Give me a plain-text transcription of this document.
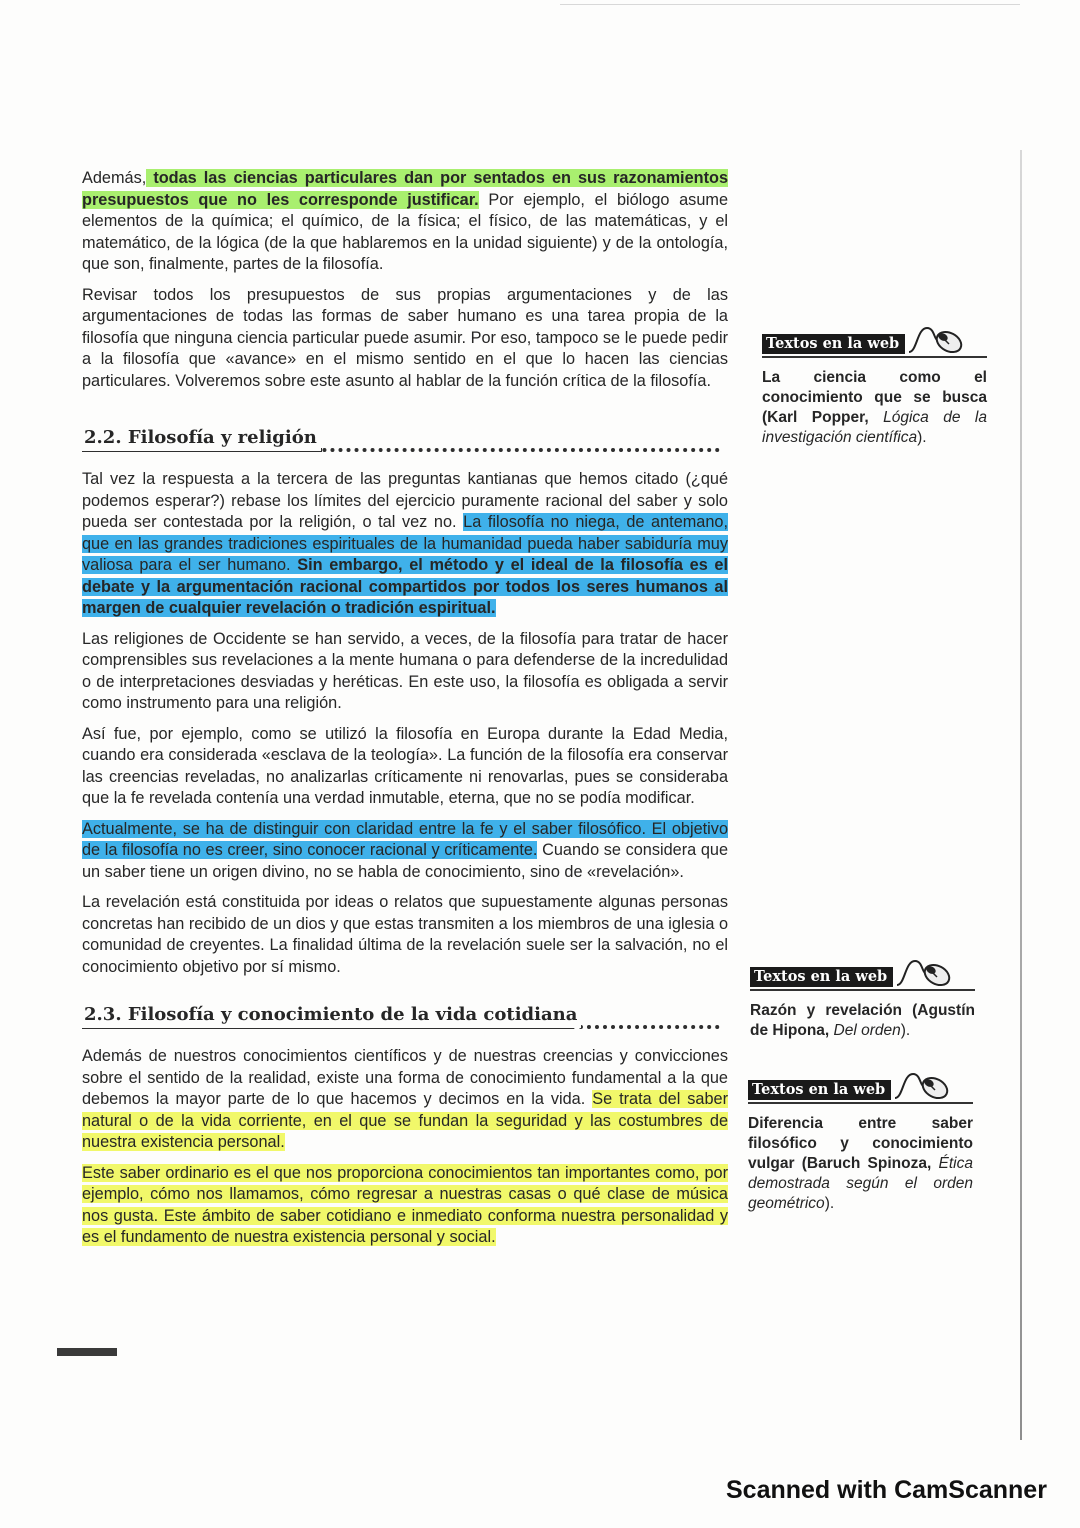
Además, todas las ciencias particulares dan por sentados en sus razonamientos presupuestos que no les corresponde justificar. Por ejemplo, el biólogo asume elementos de la química; el químico, de la física; el físico, de las matemáticas, y el matemático, de la lógica (de la que hablaremos en la unidad siguiente) y de la ontología, que son, finalmente, partes de la filosofía.

Revisar todos los presupuestos de sus propias argumentaciones y de las argumentaciones de todas las formas de saber humano es una tarea propia de la filosofía que ninguna ciencia particular puede asumir. Por eso, tampoco se le puede pedir a la filosofía que «avance» en el mismo sentido en el que lo hacen las ciencias particulares. Volveremos sobre este asunto al hablar de la función crítica de la filosofía.

2.2. Filosofía y religión

Tal vez la respuesta a la tercera de las preguntas kantianas que hemos citado (¿qué podemos esperar?) rebase los límites del ejercicio puramente racional del saber y solo pueda ser contestada por la religión, o tal vez no. La filosofía no niega, de antemano, que en las grandes tradiciones espirituales de la humanidad pueda haber sabiduría muy valiosa para el ser humano. Sin embargo, el método y el ideal de la filosofía es el debate y la argumentación racional compartidos por todos los seres humanos al margen de cualquier revelación o tradición espiritual.

Las religiones de Occidente se han servido, a veces, de la filosofía para tratar de hacer comprensibles sus revelaciones a la mente humana o para defenderse de la incredulidad o de interpretaciones desviadas y heréticas. En este uso, la filosofía es obligada a servir como instrumento para una religión.

Así fue, por ejemplo, como se utilizó la filosofía en Europa durante la Edad Media, cuando era considerada «esclava de la teología». La función de la filosofía era conservar las creencias reveladas, no analizarlas críticamente ni renovarlas, pues se consideraba que la fe revelada contenía una verdad inmutable, eterna, que no se podía modificar.

Actualmente, se ha de distinguir con claridad entre la fe y el saber filosófico. El objetivo de la filosofía no es creer, sino conocer racional y críticamente. Cuando se considera que un saber tiene un origen divino, no se habla de conocimiento, sino de «revelación».

La revelación está constituida por ideas o relatos que supuestamente algunas personas concretas han recibido de un dios y que estas transmiten a los miembros de una iglesia o comunidad de creyentes. La finalidad última de la revelación suele ser la salvación, no el conocimiento objetivo por sí mismo.

2.3. Filosofía y conocimiento de la vida cotidiana

Además de nuestros conocimientos científicos y de nuestras creencias y convicciones sobre el sentido de la realidad, existe una forma de conocimiento fundamental a la que debemos la mayor parte de lo que hacemos y decimos en la vida. Se trata del saber natural o de la vida corriente, en el que se fundan la seguridad y las costumbres de nuestra existencia personal.

Este saber ordinario es el que nos proporciona conocimientos tan importantes como, por ejemplo, cómo nos llamamos, cómo regresar a nuestras casas o qué clase de música nos gusta. Este ámbito de saber cotidiano e inmediato conforma nuestra personalidad y es el fundamento de nuestra existencia personal y social.

Textos en la web
La ciencia como el conocimiento que se busca (Karl Popper, Lógica de la investigación científica).
Textos en la web
Razón y revelación (Agustín de Hipona, Del orden).
Textos en la web
Diferencia entre saber filosófico y conocimiento vulgar (Baruch Spinoza, Ética demostrada según el orden geométrico).
Scanned with CamScanner
